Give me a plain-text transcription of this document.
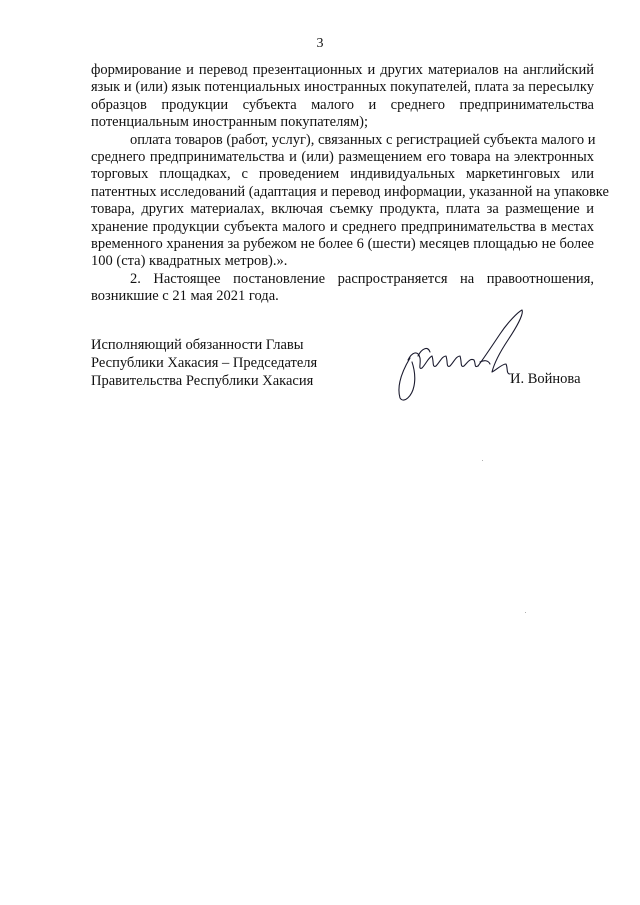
3
формирование и перевод презентационных и других материалов на английский
язык и (или) язык потенциальных иностранных покупателей, плата за пересылку
образцов продукции субъекта малого и среднего предпринимательства
потенциальным иностранным покупателям);
оплата товаров (работ, услуг), связанных с регистрацией субъекта малого и
среднего предпринимательства и (или) размещением его товара на электронных
торговых площадках, с проведением индивидуальных маркетинговых или
патентных исследований (адаптация и перевод информации, указанной на упаковке
товара, других материалах, включая съемку продукта, плата за размещение и
хранение продукции субъекта малого и среднего предпринимательства в местах
временного хранения за рубежом не более 6 (шести) месяцев площадью не более
100 (ста) квадратных метров).».
2. Настоящее постановление распространяется на правоотношения,
возникшие с 21 мая 2021 года.
Исполняющий обязанности Главы
Республики Хакасия – Председателя
Правительства Республики Хакасия	И. Войнова
